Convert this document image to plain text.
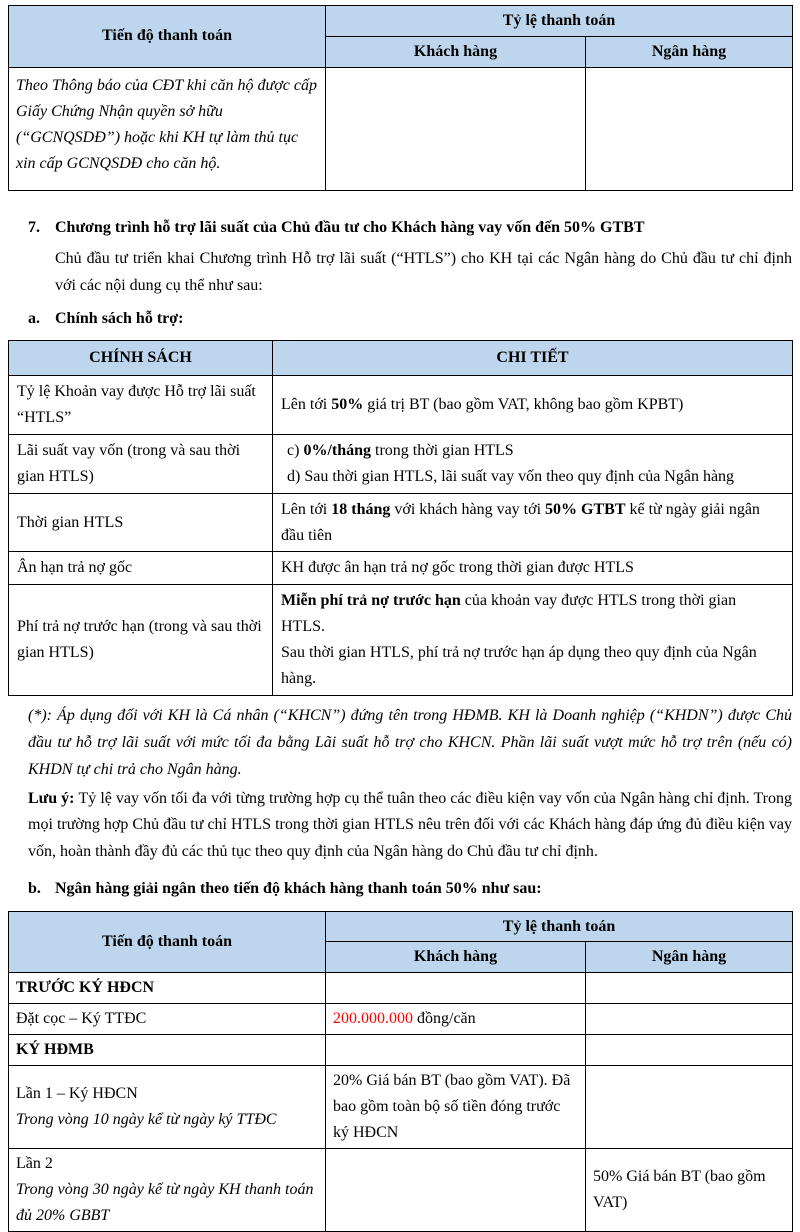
Tiến độ thanh toán	Tỷ lệ thanh toán	
	Khách hàng	Ngân hàng
Theo Thông báo của CĐT khi căn hộ được cấp Giấy Chứng Nhận quyền sở hữu (“GCNQSDĐ”) hoặc khi KH tự làm thủ tục xin cấp GCNQSDĐ cho căn hộ.		
7. Chương trình hỗ trợ lãi suất của Chủ đầu tư cho Khách hàng vay vốn đến 50% GTBT

Chủ đầu tư triển khai Chương trình Hỗ trợ lãi suất (“HTLS”) cho KH tại các Ngân hàng do Chủ đầu tư chỉ định với các nội dung cụ thể như sau:

a. Chính sách hỗ trợ:
CHÍNH SÁCH	CHI TIẾT
Tỷ lệ Khoản vay được Hỗ trợ lãi suất “HTLS”	Lên tới 50% giá trị BT (bao gồm VAT, không bao gồm KPBT)
Lãi suất vay vốn (trong và sau thời gian HTLS)	c) 0%/tháng trong thời gian HTLS
d) Sau thời gian HTLS, lãi suất vay vốn theo quy định của Ngân hàng

Thời gian HTLS	Lên tới 18 tháng với khách hàng vay tới 50% GTBT kể từ ngày giải ngân đầu tiên
Ân hạn trả nợ gốc	KH được ân hạn trả nợ gốc trong thời gian được HTLS
Phí trả nợ trước hạn (trong và sau thời gian HTLS)	Miễn phí trả nợ trước hạn của khoản vay được HTLS trong thời gian HTLS.
Sau thời gian HTLS, phí trả nợ trước hạn áp dụng theo quy định của Ngân hàng.

(*): Áp dụng đối với KH là Cá nhân (“KHCN”) đứng tên trong HĐMB. KH là Doanh nghiệp (“KHDN”) được Chủ đầu tư hỗ trợ lãi suất với mức tối đa bằng Lãi suất hỗ trợ cho KHCN. Phần lãi suất vượt mức hỗ trợ trên (nếu có) KHDN tự chi trả cho Ngân hàng.

Lưu ý: Tỷ lệ vay vốn tối đa với từng trường hợp cụ thể tuân theo các điều kiện vay vốn của Ngân hàng chỉ định. Trong mọi trường hợp Chủ đầu tư chỉ HTLS trong thời gian HTLS nêu trên đối với các Khách hàng đáp ứng đủ điều kiện vay vốn, hoàn thành đầy đủ các thủ tục theo quy định của Ngân hàng do Chủ đầu tư chỉ định.

b. Ngân hàng giải ngân theo tiến độ khách hàng thanh toán 50% như sau:
Tiến độ thanh toán	Tỷ lệ thanh toán	
	Khách hàng	Ngân hàng
TRƯỚC KÝ HĐCN		
Đặt cọc – Ký TTĐC	200.000.000 đồng/căn	
KÝ HĐMB		

Lần 1 – Ký HĐCN
Trong vòng 10 ngày kể từ ngày ký TTĐC	20% Giá bán BT (bao gồm VAT). Đã bao gồm toàn bộ số tiền đóng trước ký HĐCN	

Lần 2
Trong vòng 30 ngày kể từ ngày KH thanh toán đủ 20% GBBT		50% Giá bán BT (bao gồm VAT)
